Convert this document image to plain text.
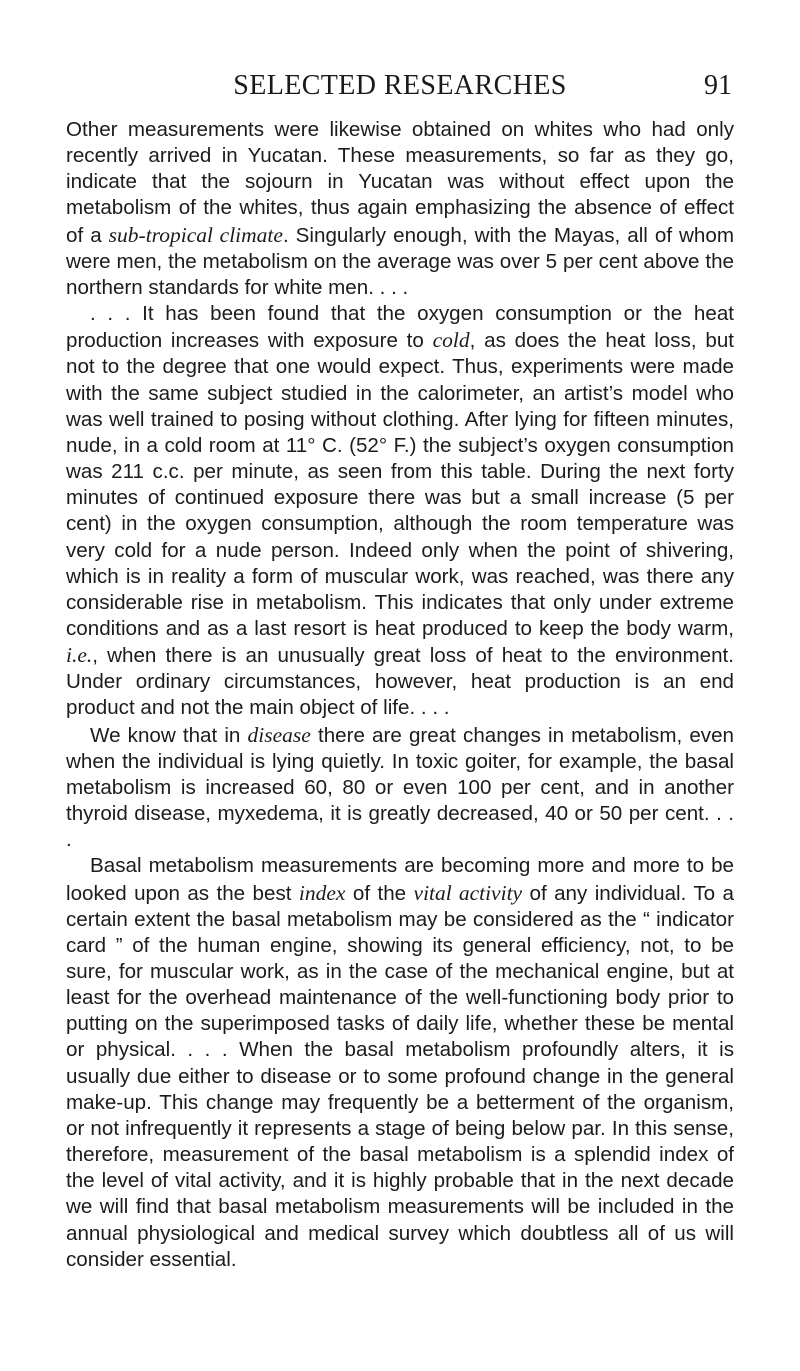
SELECTED RESEARCHES	91

Other measurements were likewise obtained on whites who had only recently arrived in Yucatan. These measurements, so far as they go, indicate that the sojourn in Yucatan was without effect upon the metabolism of the whites, thus again emphasizing the absence of effect of a sub-tropical climate. Singularly enough, with the Mayas, all of whom were men, the metabolism on the average was over 5 per cent above the northern standards for white men. . . .

. . . It has been found that the oxygen consumption or the heat production increases with exposure to cold, as does the heat loss, but not to the degree that one would expect. Thus, experiments were made with the same subject studied in the calorimeter, an artist’s model who was well trained to posing without clothing. After lying for fifteen minutes, nude, in a cold room at 11° C. (52° F.) the subject’s oxygen consumption was 211 c.c. per minute, as seen from this table. During the next forty minutes of continued exposure there was but a small increase (5 per cent) in the oxygen consumption, although the room temperature was very cold for a nude person. Indeed only when the point of shivering, which is in reality a form of muscular work, was reached, was there any considerable rise in metabolism. This indicates that only under extreme conditions and as a last resort is heat produced to keep the body warm, i.e., when there is an unusually great loss of heat to the environment. Under ordinary circumstances, however, heat production is an end product and not the main object of life. . . .

We know that in disease there are great changes in metabolism, even when the individual is lying quietly. In toxic goiter, for example, the basal metabolism is increased 60, 80 or even 100 per cent, and in another thyroid disease, myxedema, it is greatly decreased, 40 or 50 per cent. . . .

Basal metabolism measurements are becoming more and more to be looked upon as the best index of the vital activity of any individual. To a certain extent the basal metabolism may be considered as the “ indicator card ” of the human engine, showing its general efficiency, not, to be sure, for muscular work, as in the case of the mechanical engine, but at least for the overhead maintenance of the well-functioning body prior to putting on the superimposed tasks of daily life, whether these be mental or physical. . . . When the basal metabolism profoundly alters, it is usually due either to disease or to some profound change in the general make-up. This change may frequently be a betterment of the organism, or not infrequently it represents a stage of being below par. In this sense, therefore, measurement of the basal metabolism is a splendid index of the level of vital activity, and it is highly probable that in the next decade we will find that basal metabolism measurements will be included in the annual physiological and medical survey which doubtless all of us will consider essential.
